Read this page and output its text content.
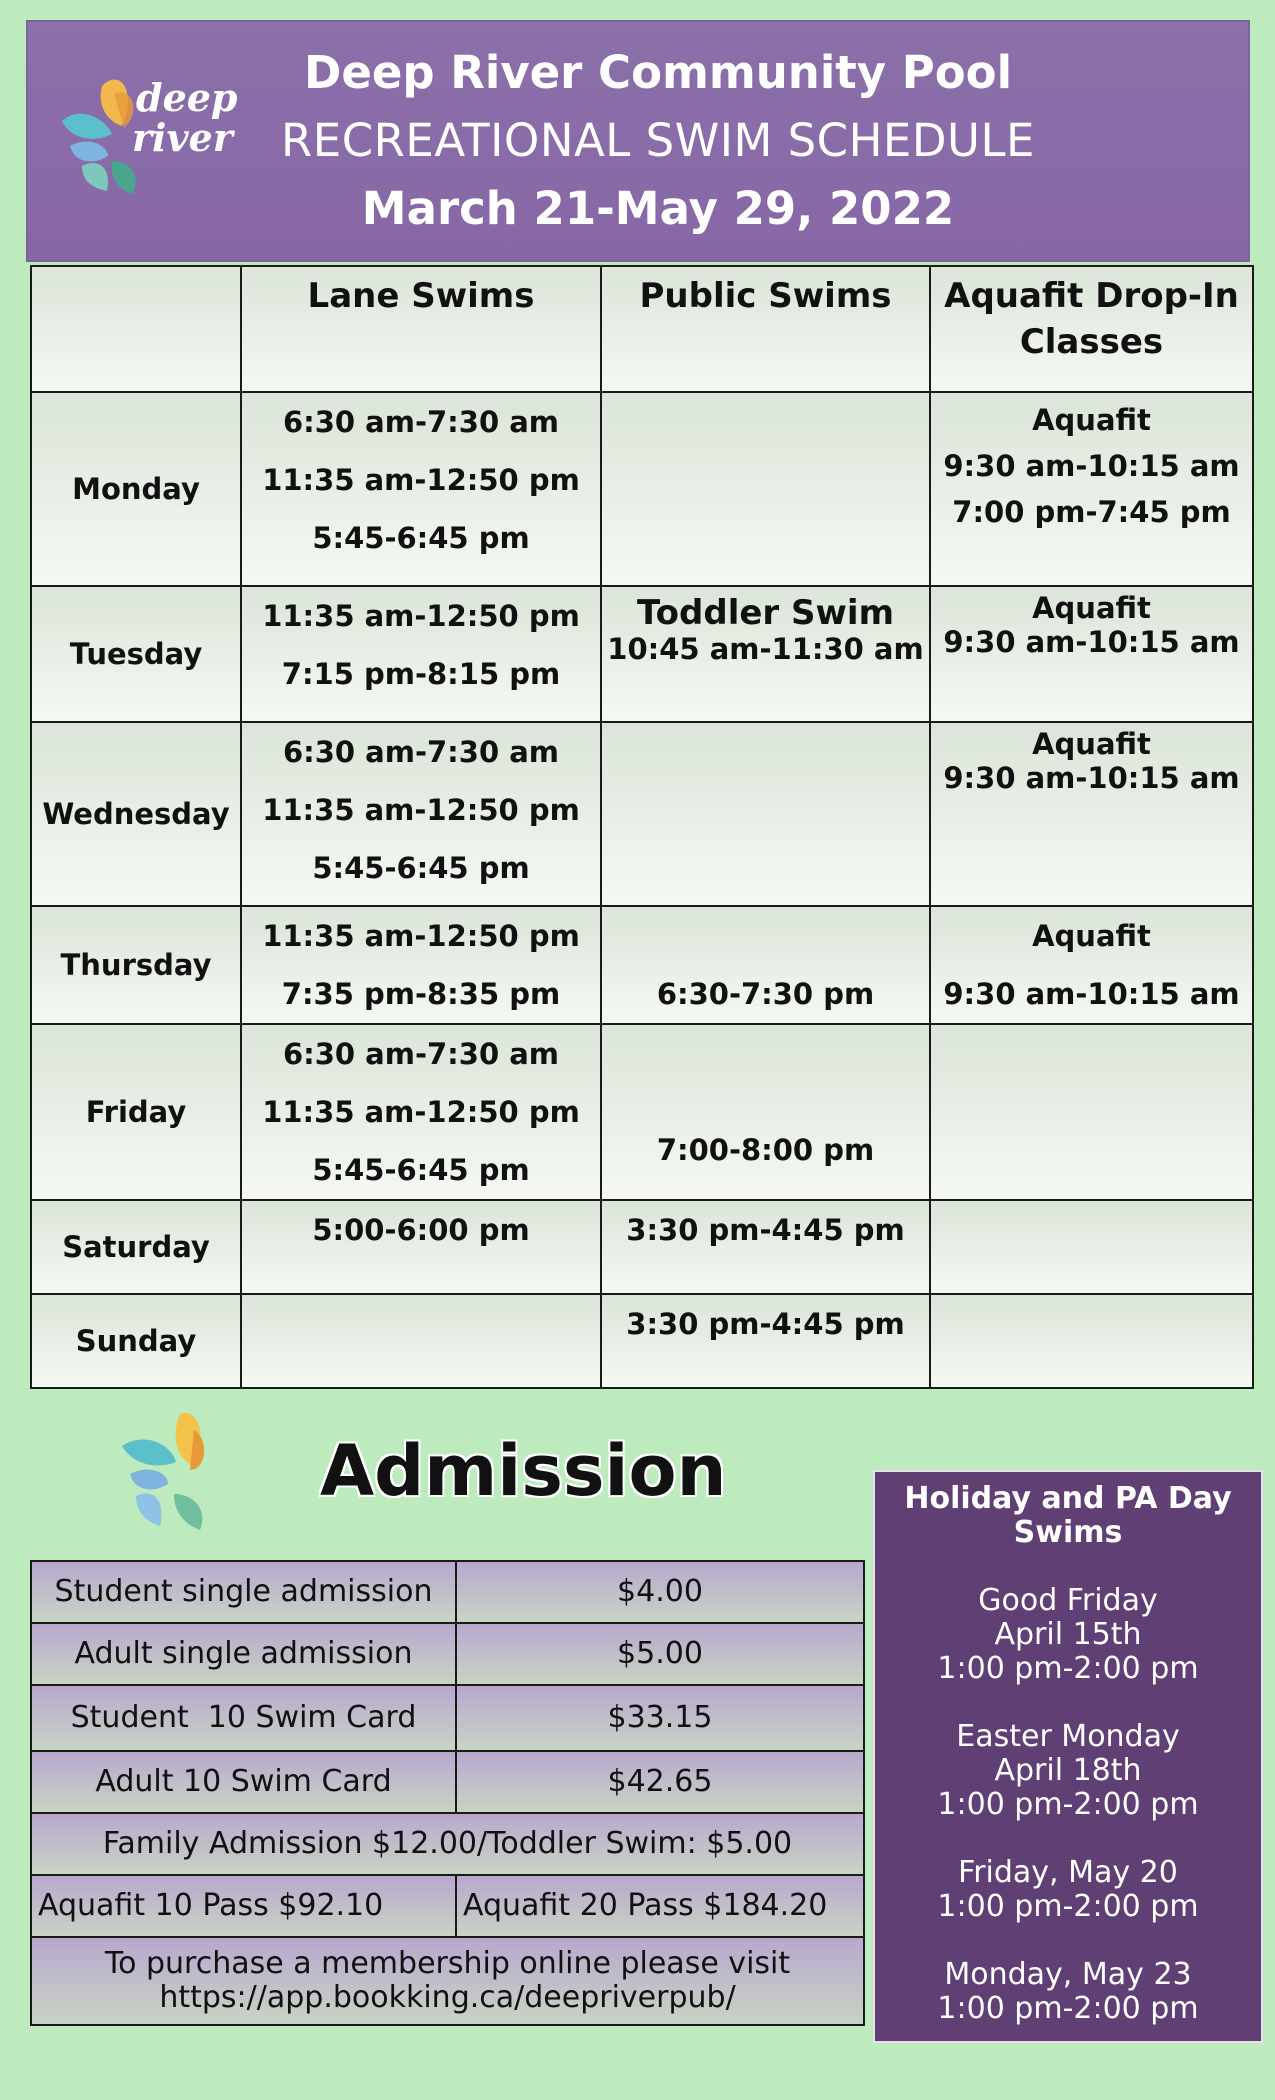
deep
river
Deep River Community Pool
RECREATIONAL SWIM SCHEDULE
March 21-May 29, 2022
	Lane Swims	Public Swims	Aquafit Drop-In Classes
Monday	6:30 am-7:30 am
11:35 am-12:50 pm
5:45-6:45 pm		Aquafit
9:30 am-10:15 am
7:00 pm-7:45 pm

Tuesday	11:35 am-12:50 pm
7:15 pm-8:15 pm	Toddler Swim
10:45 am-11:30 am	Aquafit
9:30 am-10:15 am

Wednesday	6:30 am-7:30 am
11:35 am-12:50 pm
5:45-6:45 pm		Aquafit
9:30 am-10:15 am

Thursday	11:35 am-12:50 pm
7:35 pm-8:35 pm	6:30-7:30 pm	Aquafit
9:30 am-10:15 am

Friday	6:30 am-7:30 am
11:35 am-12:50 pm
5:45-6:45 pm	7:00-8:00 pm	

Saturday	5:00-6:00 pm	3:30 pm-4:45 pm	

Sunday		3:30 pm-4:45 pm	

Admission
Student single admission	$4.00
Adult single admission	$5.00
Student  10 Swim Card	$33.15
Adult 10 Swim Card	$42.65
Family Admission $12.00/Toddler Swim: $5.00	
Aquafit 10 Pass $92.10	Aquafit 20 Pass $184.20

To purchase a membership online please visit
https://app.bookking.ca/deepriverpub/	
Holiday and PA Day Swims
Good Friday
April 15th
1:00 pm-2:00 pm
Easter Monday
April 18th
1:00 pm-2:00 pm
Friday, May 20
1:00 pm-2:00 pm
Monday, May 23
1:00 pm-2:00 pm
